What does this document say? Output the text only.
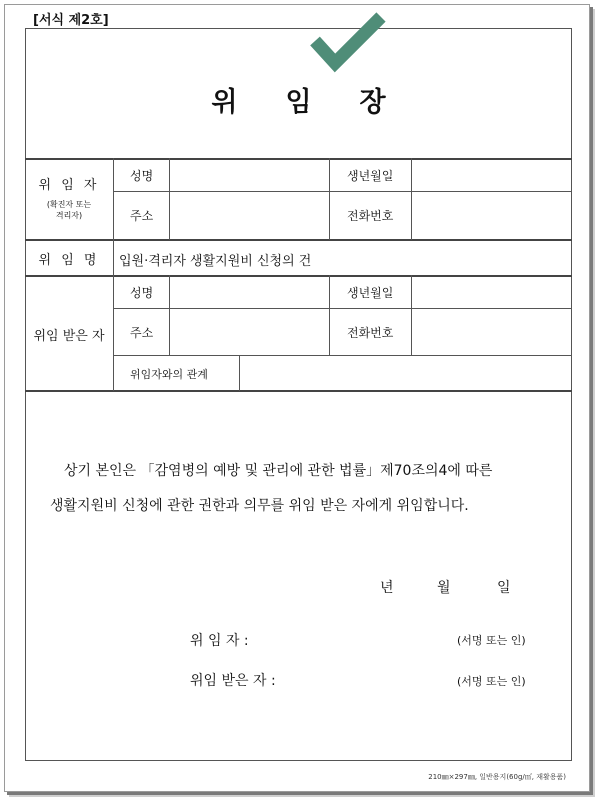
[서식 제2호]
위임장
위 임 자
(확진자 또는
격리자)
성명	생년월일
주소	전화번호
위 임 명	입원·격리자 생활지원비 신청의 건
위임 받은 자
성명	생년월일
주소	전화번호
위임자와의 관계
상기 본인은 「감염병의 예방 및 관리에 관한 법률」제70조의4에 따른
생활지원비 신청에 관한 권한과 의무를 위임 받은 자에게 위임합니다.
년	월	일
위 임 자 :	(서명 또는 인)
위임 받은 자 :	(서명 또는 인)
210㎜×297㎜, 일반용지(60g/㎡, 재활용품)
